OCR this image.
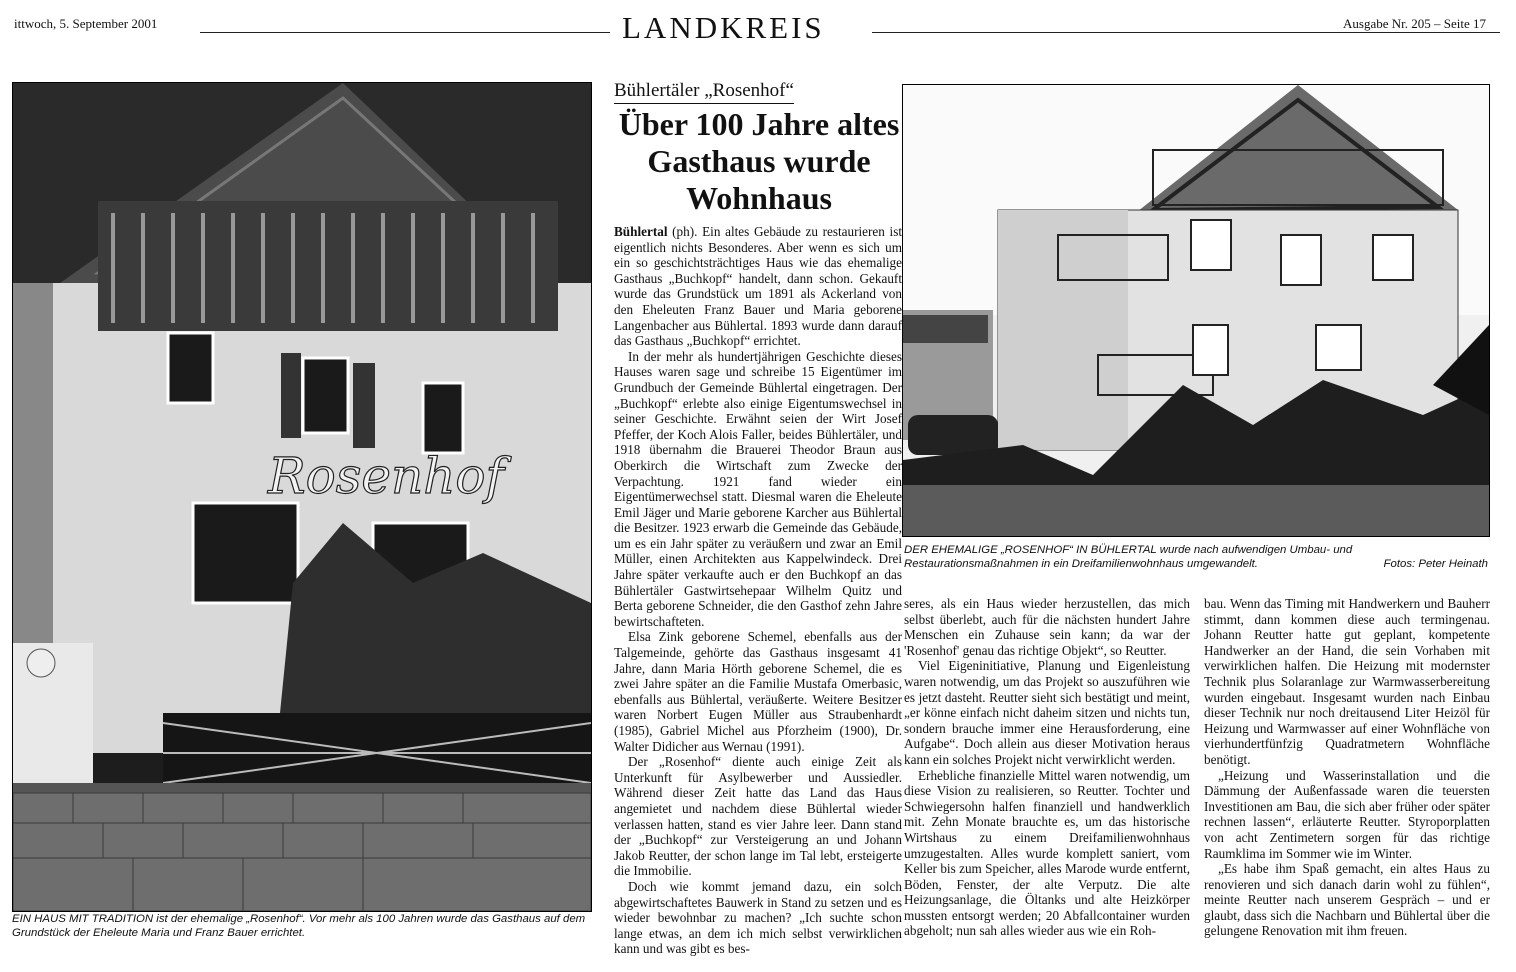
ittwoch, 5. September 2001	LANDKREIS	Ausgabe Nr. 205 – Seite 17
Rosenhof
EIN HAUS MIT TRADITION ist der ehemalige „Rosenhof“. Vor mehr als 100 Jahren wurde das Gasthaus auf dem Grundstück der Eheleute Maria und Franz Bauer errichtet.
DER EHEMALIGE „ROSENHOF“ IN BÜHLERTAL wurde nach aufwendigen Umbau- und Restaurationsmaßnahmen in ein Dreifamilienwohnhaus umgewandelt.	Fotos: Peter Heinath
Bühlertäler „Rosenhof“
Über 100 Jahre altes Gasthaus wurde Wohnhaus

Bühlertal (ph). Ein altes Gebäude zu restaurieren ist eigentlich nichts Besonderes. Aber wenn es sich um ein so geschichtsträchtiges Haus wie das ehemalige Gasthaus „Buchkopf“ handelt, dann schon. Gekauft wurde das Grundstück um 1891 als Ackerland von den Eheleuten Franz Bauer und Maria geborene Langenbacher aus Bühlertal. 1893 wurde dann darauf das Gasthaus „Buchkopf“ errichtet.

In der mehr als hundertjährigen Geschichte dieses Hauses waren sage und schreibe 15 Eigentümer im Grundbuch der Gemeinde Bühlertal eingetragen. Der „Buchkopf“ erlebte also einige Eigentumswechsel in seiner Geschichte. Erwähnt seien der Wirt Josef Pfeffer, der Koch Alois Faller, beides Bühlertäler, und 1918 übernahm die Brauerei Theodor Braun aus Oberkirch die Wirtschaft zum Zwecke der Verpachtung. 1921 fand wieder ein Eigentümerwechsel statt. Diesmal waren die Eheleute Emil Jäger und Marie geborene Karcher aus Bühlertal die Besitzer. 1923 erwarb die Gemeinde das Gebäude, um es ein Jahr später zu veräußern und zwar an Emil Müller, einen Architekten aus Kappelwindeck. Drei Jahre später verkaufte auch er den Buchkopf an das Bühlertäler Gastwirtsehepaar Wilhelm Quitz und Berta geborene Schneider, die den Gasthof zehn Jahre bewirtschafteten.

Elsa Zink geborene Schemel, ebenfalls aus der Talgemeinde, gehörte das Gasthaus insgesamt 41 Jahre, dann Maria Hörth geborene Schemel, die es zwei Jahre später an die Familie Mustafa Omerbasic, ebenfalls aus Bühlertal, veräußerte. Weitere Besitzer waren Norbert Eugen Müller aus Straubenhardt (1985), Gabriel Michel aus Pforzheim (1900), Dr. Walter Didicher aus Wernau (1991).

Der „Rosenhof“ diente auch einige Zeit als Unterkunft für Asylbewerber und Aussiedler. Während dieser Zeit hatte das Land das Haus angemietet und nachdem diese Bühlertal wieder verlassen hatten, stand es vier Jahre leer. Dann stand der „Buchkopf“ zur Versteigerung an und Johann Jakob Reutter, der schon lange im Tal lebt, ersteigerte die Immobilie.

Doch wie kommt jemand dazu, ein solch abgewirtschaftetes Bauwerk in Stand zu setzen und es wieder bewohnbar zu machen? „Ich suchte schon lange etwas, an dem ich mich selbst verwirklichen kann und was gibt es bes-

seres, als ein Haus wieder herzustellen, das mich selbst überlebt, auch für die nächsten hundert Jahre Menschen ein Zuhause sein kann; da war der 'Rosenhof' genau das richtige Objekt“, so Reutter.

Viel Eigeninitiative, Planung und Eigenleistung waren notwendig, um das Projekt so auszuführen wie es jetzt dasteht. Reutter sieht sich bestätigt und meint, „er könne einfach nicht daheim sitzen und nichts tun, sondern brauche immer eine Herausforderung, eine Aufgabe“. Doch allein aus dieser Motivation heraus kann ein solches Projekt nicht verwirklicht werden.

Erhebliche finanzielle Mittel waren notwendig, um diese Vision zu realisieren, so Reutter. Tochter und Schwiegersohn halfen finanziell und handwerklich mit. Zehn Monate brauchte es, um das historische Wirtshaus zu einem Dreifamilienwohnhaus umzugestalten. Alles wurde komplett saniert, vom Keller bis zum Speicher, alles Marode wurde entfernt, Böden, Fenster, der alte Verputz. Die alte Heizungsanlage, die Öltanks und alte Heizkörper mussten entsorgt werden; 20 Abfallcontainer wurden abgeholt; nun sah alles wieder aus wie ein Roh-

bau. Wenn das Timing mit Handwerkern und Bauherr stimmt, dann kommen diese auch termingenau. Johann Reutter hatte gut geplant, kompetente Handwerker an der Hand, die sein Vorhaben mit verwirklichen halfen. Die Heizung mit modernster Technik plus Solaranlage zur Warmwasserbereitung wurden eingebaut. Insgesamt wurden nach Einbau dieser Technik nur noch dreitausend Liter Heizöl für Heizung und Warmwasser auf einer Wohnfläche von vierhundertfünfzig Quadratmetern Wohnfläche benötigt.

„Heizung und Wasserinstallation und die Dämmung der Außenfassade waren die teuersten Investitionen am Bau, die sich aber früher oder später rechnen lassen“, erläuterte Reutter. Styroporplatten von acht Zentimetern sorgen für das richtige Raumklima im Sommer wie im Winter.

„Es habe ihm Spaß gemacht, ein altes Haus zu renovieren und sich danach darin wohl zu fühlen“, meinte Reutter nach unserem Gespräch – und er glaubt, dass sich die Nachbarn und Bühlertal über die gelungene Renovation mit ihm freuen.
